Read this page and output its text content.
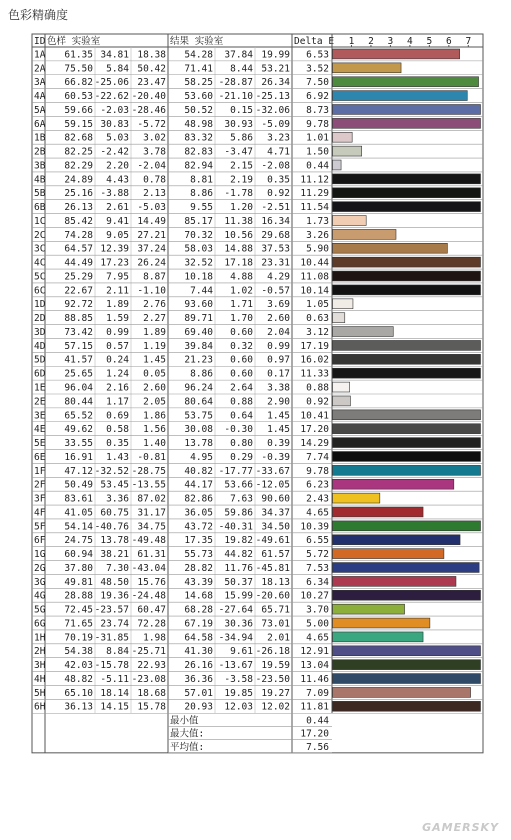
色彩精确度
ID 色样 实验室	结果 实验室	Delta E 1 2 3 4 5 6 7
1A 61.35 34.81 18.38 54.28 37.84 19.99 6.53
2A 75.50 5.84 50.42 71.41 8.44 53.21 3.52
3A 66.82 -25.06 23.47 58.25 -28.87 26.34 7.50
4A 60.53 -22.62 -20.40 53.60 -21.10 -25.13 6.92
5A 59.66 -2.03 -28.46 50.52 0.15 -32.06 8.73
6A 59.15 30.83 -5.72 48.98 30.93 -5.09 9.78
1B 82.68 5.03 3.02 83.32 5.86 3.23 1.01
2B 82.25 -2.42 3.78 82.83 -3.47 4.71 1.50
3B 82.29 2.20 -2.04 82.94 2.15 -2.08 0.44
4B 24.89 4.43 0.78	8.81 2.19 0.35 11.12
5B 25.16 -3.88 2.13	8.86 -1.78 0.92 11.29
6B 26.13 2.61 -5.03	9.55 1.20 -2.51 11.54
1C 85.42 9.41 14.49 85.17 11.38 16.34 1.73
2C 74.28 9.05 27.21 70.32 10.56 29.68 3.26
3C 64.57 12.39 37.24 58.03 14.88 37.53 5.90
4C 44.49 17.23 26.24 32.52 17.18 23.31 10.44
5C 25.29 7.95 8.87 10.18 4.88 4.29 11.08
6C 22.67 2.11 -1.10	7.44 1.02 -0.57 10.14
1D 92.72 1.89 2.76 93.60 1.71 3.69 1.05
2D 88.85 1.59 2.27 89.71 1.70 2.60 0.63
3D 73.42 0.99 1.89 69.40 0.60 2.04 3.12
4D 57.15 0.57 1.19 39.84 0.32 0.99 17.19
5D 41.57 0.24 1.45 21.23 0.60 0.97 16.02
6D 25.65 1.24 0.05	8.86 0.60 0.17 11.33
1E 96.04 2.16 2.60 96.24 2.64 3.38 0.88
2E 80.44 1.17 2.05 80.64 0.88 2.90 0.92
3E 65.52 0.69 1.86 53.75 0.64 1.45 10.41
4E 49.62 0.58 1.56 30.08 -0.30 1.45 17.20
5E 33.55 0.35 1.40 13.78 0.80 0.39 14.29
6E 16.91 1.43 -0.81	4.95 0.29 -0.39 7.74
1F 47.12 -32.52 -28.75 40.82 -17.77 -33.67 9.78
2F 50.49 53.45 -13.55 44.17 53.66 -12.05 6.23
3F 83.61 3.36 87.02 82.86 7.63 90.60 2.43
4F 41.05 60.75 31.17 36.05 59.86 34.37 4.65
5F 54.14 -40.76 34.75 43.72 -40.31 34.50 10.39
6F 24.75 13.78 -49.48 17.35 19.82 -49.61 6.55
1G 60.94 38.21 61.31 55.73 44.82 61.57 5.72
2G 37.80 7.30 -43.04 28.82 11.76 -45.81 7.53
3G 49.81 48.50 15.76 43.39 50.37 18.13 6.34
4G 28.88 19.36 -24.48 14.68 15.99 -20.60 10.27
5G 72.45 -23.57 60.47 68.28 -27.64 65.71 3.70
6G 71.65 23.74 72.28 67.19 30.36 73.01 5.00
1H 70.19 -31.85 1.98 64.58 -34.94 2.01 4.65
2H 54.38 8.84 -25.71 41.30 9.61 -26.18 12.91
3H 42.03 -15.78 22.93 26.16 -13.67 19.59 13.04
4H 48.82 -5.11 -23.08 36.36 -3.58 -23.50 11.46
5H 65.10 18.14 18.68 57.01 19.85 19.27 7.09
6H 36.13 14.15 15.78 20.93 12.03 12.02 11.81
最小值	0.44
最大值:	17.20
平均值:	7.56
GAMERSKY
